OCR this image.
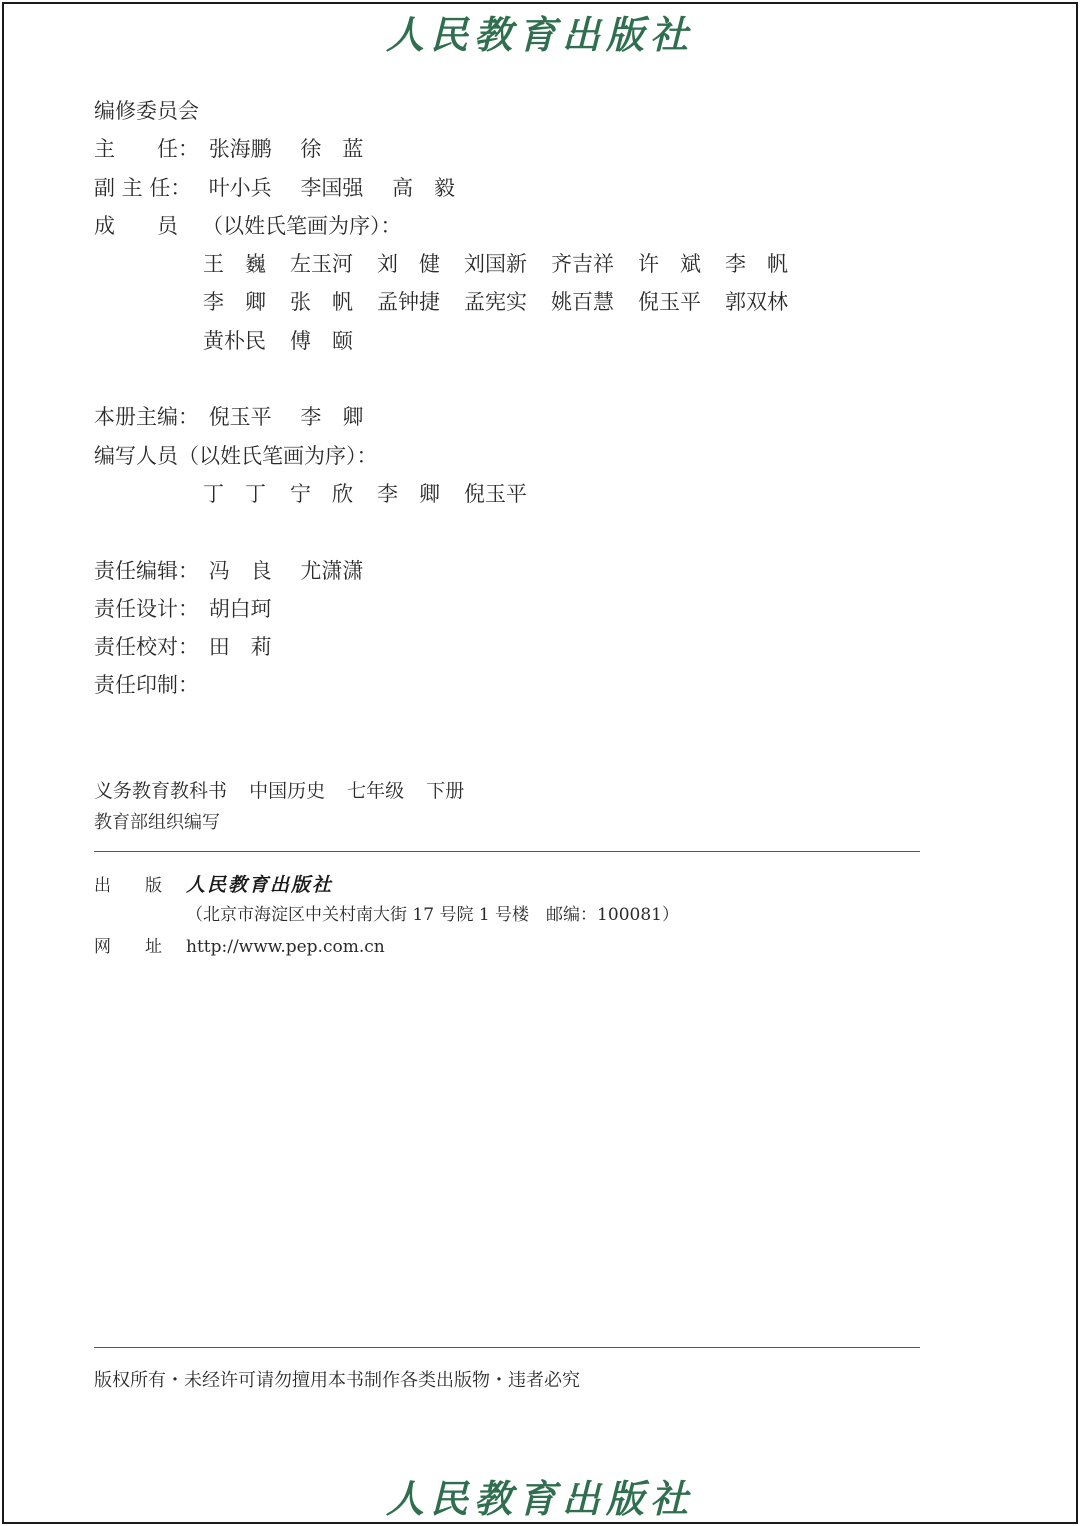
人民教育出版社
编修委员会
主　　任： 张海鹏 徐　蓝
副 主 任： 叶小兵 李国强 高　毅
成　　员 （以姓氏笔画为序）：
王　巍 左玉河 刘　健 刘国新 齐吉祥 许　斌 李　帆
李　卿 张　帆 孟钟捷 孟宪实 姚百慧 倪玉平 郭双林
黄朴民 傅　颐
本册主编： 倪玉平 李　卿
编写人员（以姓氏笔画为序）：
丁　丁 宁　欣 李　卿 倪玉平
责任编辑： 冯　良 尤潇潇
责任设计： 胡白珂
责任校对： 田　莉
责任印制：
义务教育教科书 中国历史 七年级 下册
教育部组织编写
出　　版 人民教育出版社
（北京市海淀区中关村南大街 17 号院 1 号楼　邮编：100081）
网　　址 http://www.pep.com.cn
版权所有・未经许可请勿擅用本书制作各类出版物・违者必究
人民教育出版社
